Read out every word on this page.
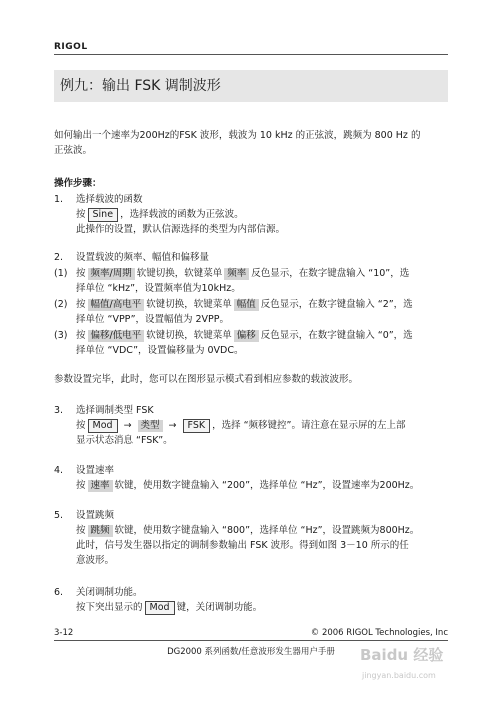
RIGOL
例九：输出 FSK 调制波形
如何输出一个速率为200Hz的FSK 波形，载波为 10 kHz 的正弦波，跳频为 800 Hz 的
正弦波。
操作步骤：
1. 选择载波的函数
按 Sine ，选择载波的函数为正弦波。
此操作的设置，默认信源选择的类型为内部信源。
2. 设置载波的频率、幅值和偏移量
(1) 按 频率/周期 软键切换，软键菜单 频率 反色显示，在数字键盘输入 “10”，选
择单位 “kHz”，设置频率值为10kHz。
(2) 按 幅值/高电平 软键切换，软键菜单 幅值 反色显示，在数字键盘输入 “2”，选
择单位 “VPP”，设置幅值为 2VPP。
(3) 按 偏移/低电平 软键切换，软键菜单 偏移 反色显示，在数字键盘输入 “0”，选
择单位 “VDC”，设置偏移量为 0VDC。
参数设置完毕，此时，您可以在图形显示模式看到相应参数的载波波形。
3. 选择调制类型 FSK
按 Mod → 类型 → FSK ，选择 “频移键控”。请注意在显示屏的左上部
显示状态消息 “FSK”。
4. 设置速率
按 速率 软键，使用数字键盘输入 “200”，选择单位 “Hz”，设置速率为200Hz。
5. 设置跳频
按 跳频 软键，使用数字键盘输入 “800”，选择单位 “Hz”，设置跳频为800Hz。
此时，信号发生器以指定的调制参数输出 FSK 波形。得到如图 3－10 所示的任
意波形。
6. 关闭调制功能。
按下突出显示的 Mod 键，关闭调制功能。
3-12	© 2006 RIGOL Technologies, Inc
DG2000 系列函数/任意波形发生器用户手册	Baidu 经验
jingyan.baidu.com
